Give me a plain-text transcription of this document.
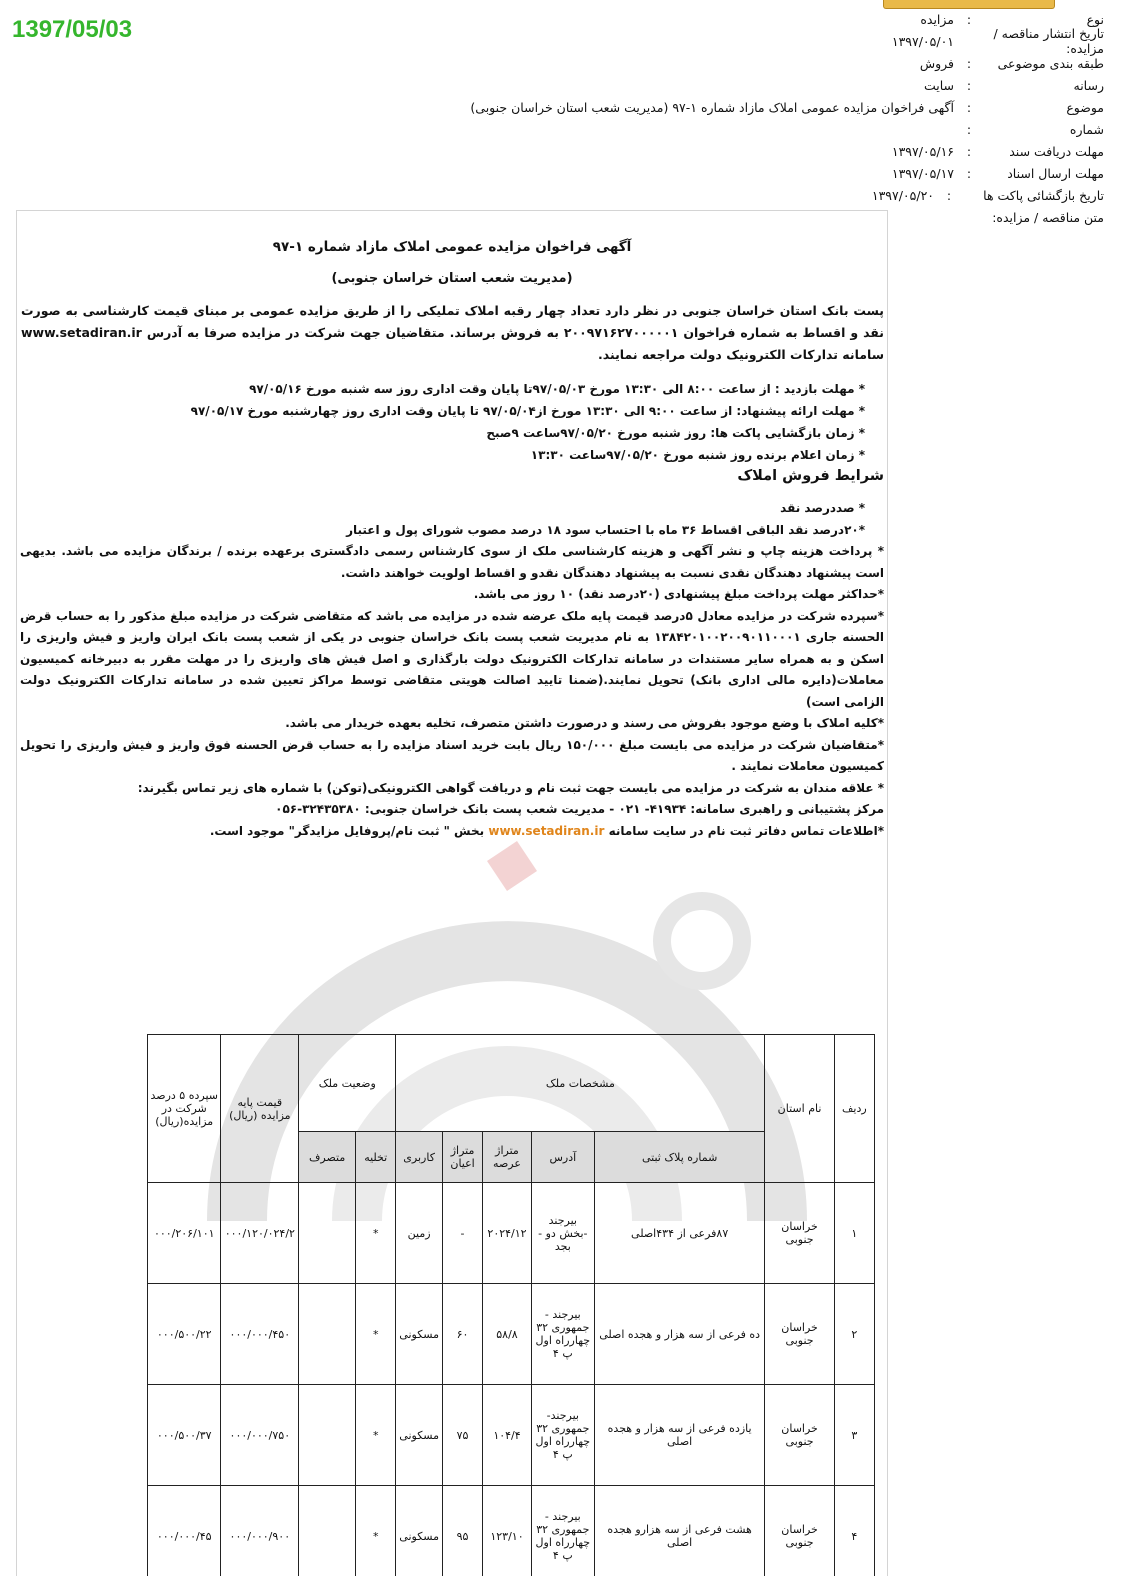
1397/05/03	نوع
:
مزایده
تاریخ انتشار مناقصه / مزایده:
۱۳۹۷/۰۵/۰۱
طبقه بندی موضوعی
:
فروش
رسانه
:
سایت
موضوع
:
آگهی فراخوان مزایده عمومی املاک مازاد شماره ۱-۹۷ (مدیریت شعب استان خراسان جنوبی)
شماره
:
مهلت دریافت سند
:
۱۳۹۷/۰۵/۱۶
مهلت ارسال اسناد
:
۱۳۹۷/۰۵/۱۷
تاریخ بازگشائی پاکت ها
:
۱۳۹۷/۰۵/۲۰
متن مناقصه / مزایده:
آگهی فراخوان مزایده عمومی املاک مازاد شماره ۱-۹۷
(مدیریت شعب استان خراسان جنوبی)
پست بانک استان خراسان جنوبی در نظر دارد تعداد چهار رقبه املاک تملیکی را از طریق مزایده عمومی بر مبنای قیمت کارشناسی به صورت نقد و اقساط به شماره فراخوان ۲۰۰۹۷۱۶۲۷۰۰۰۰۰۱ به فروش برساند. متقاضیان جهت شرکت در مزایده صرفا به آدرس www.setadiran.ir سامانه تدارکات الکترونیک دولت مراجعه نمایند.
* مهلت بازدید : از ساعت ۸:۰۰ الی ۱۳:۳۰ مورخ ۹۷/۰۵/۰۳تا پایان وقت اداری روز سه شنبه مورخ ۹۷/۰۵/۱۶
* مهلت ارائه پیشنهاد: از ساعت ۹:۰۰ الی ۱۳:۳۰ مورخ از۹۷/۰۵/۰۴ تا پایان وقت اداری روز چهارشنبه مورخ ۹۷/۰۵/۱۷
* زمان بازگشایی پاکت ها: روز شنبه مورخ ۹۷/۰۵/۲۰ساعت ۹صبح
* زمان اعلام برنده روز شنبه مورخ ۹۷/۰۵/۲۰ساعت ۱۳:۳۰
شرایط فروش املاک
* صددرصد نقد
*۲۰درصد نقد الباقی اقساط ۳۶ ماه با احتساب سود ۱۸ درصد مصوب شورای پول و اعتبار
* پرداخت هزینه چاپ و نشر آگهی و هزینه کارشناسی ملک از سوی کارشناس رسمی دادگستری برعهده برنده / برندگان مزایده می باشد. بدیهی است پیشنهاد دهندگان نقدی نسبت به پیشنهاد دهندگان نقدو و اقساط اولویت خواهند داشت.
*حداکثر مهلت پرداخت مبلغ پیشنهادی (۲۰درصد نقد) ۱۰ روز می باشد.
*سپرده شرکت در مزایده معادل ۵درصد قیمت پایه ملک عرضه شده در مزایده می باشد که متقاضی شرکت در مزایده مبلغ مذکور را به حساب قرض الحسنه جاری ۱۳۸۴۲۰۱۰۰۲۰۰۹۰۱۱۰۰۰۱ به نام مدیریت شعب پست بانک خراسان جنوبی در یکی از شعب پست بانک ایران واریز و فیش واریزی را اسکن و به همراه سایر مستندات در سامانه تدارکات الکترونیک دولت بارگذاری و اصل فیش های واریزی را در مهلت مقرر به دبیرخانه کمیسیون معاملات(دایره مالی اداری بانک) تحویل نمایند.(ضمنا تایید اصالت هویتی متقاضی توسط مراکز تعیین شده در سامانه تدارکات الکترونیک دولت الزامی است)
*کلیه املاک با وضع موجود بفروش می رسند و درصورت داشتن متصرف، تخلیه بعهده خریدار می باشد.
*متقاضیان شرکت در مزایده می بایست مبلغ ۱۵۰/۰۰۰ ریال بابت خرید اسناد مزایده را به حساب قرض الحسنه فوق واریز و فیش واریزی را تحویل کمیسیون معاملات نمایند .
* علاقه مندان به شرکت در مزایده می بایست جهت ثبت نام و دریافت گواهی الکترونیکی(توکن) با شماره های زیر تماس بگیرند:
مرکز پشتیبانی و راهبری سامانه: ۴۱۹۳۴- ۰۲۱ - مدیریت شعب پست بانک خراسان جنوبی: ۳۲۴۳۵۳۸۰-۰۵۶
*اطلاعات تماس دفاتر ثبت نام در سایت سامانه www.setadiran.ir بخش " ثبت نام/پروفایل مزایدگر" موجود است.
ردیف	نام استان	مشخصات ملک					وضعیت ملک		قیمت پایه مزایده (ریال)	سپرده ۵ درصد شرکت در مزایده(ریال)
		شماره پلاک ثبتی	آدرس	متراژ عرصه	متراژ اعیان	کاربری	تخلیه	متصرف		
۱	خراسان جنوبی	۸۷فرعی از ۴۳۴اصلی	بیرجند -بخش دو - بجد	۲۰۲۴/۱۲	-	زمین	*		۰۰۰/۱۲۰/۰۲۴/۲	۰۰۰/۲۰۶/۱۰۱
۲	خراسان جنوبی	ده فرعی از سه هزار و هجده اصلی	بیرجند - جمهوری ۳۲ چهارراه اول پ ۴	۵۸/۸	۶۰	مسکونی	*		۰۰۰/۰۰۰/۴۵۰	۰۰۰/۵۰۰/۲۲
۳	خراسان جنوبی	یازده فرعی از سه هزار و هجده اصلی	بیرجند- جمهوری ۳۲ چهارراه اول پ ۴	۱۰۴/۴	۷۵	مسکونی	*		۰۰۰/۰۰۰/۷۵۰	۰۰۰/۵۰۰/۳۷
۴	خراسان جنوبی	هشت فرعی از سه هزارو هجده اصلی	بیرجند - جمهوری ۳۲ چهارراه اول پ ۴	۱۲۳/۱۰	۹۵	مسکونی	*		۰۰۰/۰۰۰/۹۰۰	۰۰۰/۰۰۰/۴۵
